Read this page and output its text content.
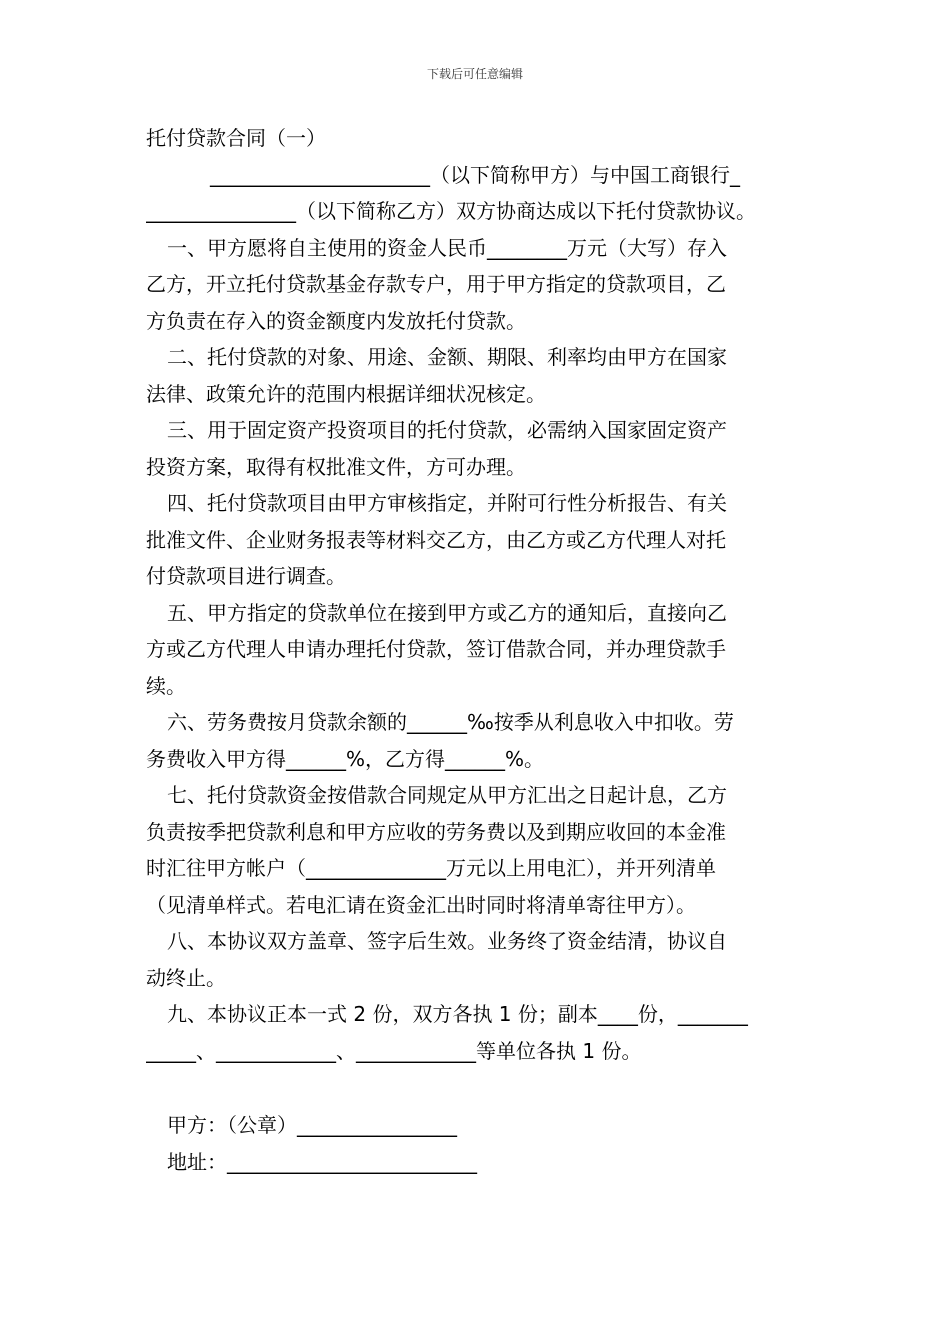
下载后可任意编辑
托付贷款合同（一）
______________________（以下简称甲方）与中国工商银行_
_______________（以下简称乙方）双方协商达成以下托付贷款协议。
一、甲方愿将自主使用的资金人民币________万元（大写）存入
乙方，开立托付贷款基金存款专户，用于甲方指定的贷款项目，乙
方负责在存入的资金额度内发放托付贷款。
二、托付贷款的对象、用途、金额、期限、利率均由甲方在国家
法律、政策允许的范围内根据详细状况核定。
三、用于固定资产投资项目的托付贷款，必需纳入国家固定资产
投资方案，取得有权批准文件，方可办理。
四、托付贷款项目由甲方审核指定，并附可行性分析报告、有关
批准文件、企业财务报表等材料交乙方，由乙方或乙方代理人对托
付贷款项目进行调查。
五、甲方指定的贷款单位在接到甲方或乙方的通知后，直接向乙
方或乙方代理人申请办理托付贷款，签订借款合同，并办理贷款手
续。
六、劳务费按月贷款余额的______‰按季从利息收入中扣收。劳
务费收入甲方得______%，乙方得______%。
七、托付贷款资金按借款合同规定从甲方汇出之日起计息，乙方
负责按季把贷款利息和甲方应收的劳务费以及到期应收回的本金准
时汇往甲方帐户（______________万元以上用电汇），并开列清单
（见清单样式。若电汇请在资金汇出时同时将清单寄往甲方）。
八、本协议双方盖章、签字后生效。业务终了资金结清，协议自
动终止。
九、本协议正本一式 2 份，双方各执 1 份；副本____份，_______
_____、____________、____________等单位各执 1 份。
甲方：（公章）________________
地址：_________________________
